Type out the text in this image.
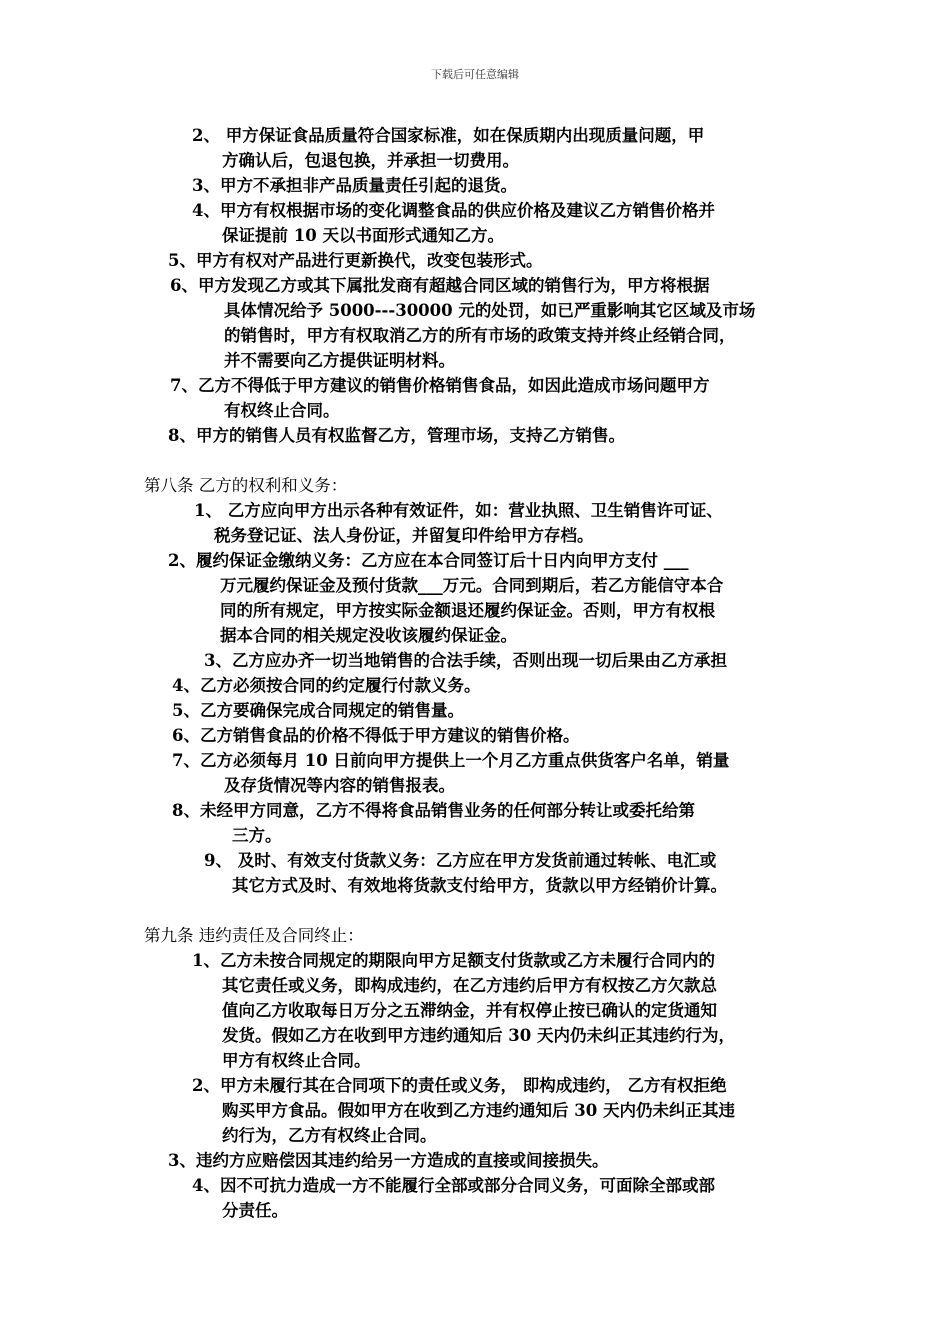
下载后可任意编辑
2、 甲方保证食品质量符合国家标准，如在保质期内出现质量问题，甲
方确认后，包退包换，并承担一切费用。
3、甲方不承担非产品质量责任引起的退货。
4、甲方有权根据市场的变化调整食品的供应价格及建议乙方销售价格并
保证提前 10 天以书面形式通知乙方。
5、甲方有权对产品进行更新换代，改变包装形式。
6、甲方发现乙方或其下属批发商有超越合同区域的销售行为，甲方将根据
具体情况给予 5000---30000 元的处罚，如已严重影响其它区域及市场
的销售时，甲方有权取消乙方的所有市场的政策支持并终止经销合同，
并不需要向乙方提供证明材料。
7、乙方不得低于甲方建议的销售价格销售食品，如因此造成市场问题甲方
有权终止合同。
8、甲方的销售人员有权监督乙方，管理市场，支持乙方销售。
第八条 乙方的权利和义务：
1、 乙方应向甲方出示各种有效证件，如：营业执照、卫生销售许可证、
税务登记证、法人身份证，并留复印件给甲方存档。
2、履约保证金缴纳义务：乙方应在本合同签订后十日内向甲方支付 ___
万元履约保证金及预付货款___万元。合同到期后，若乙方能信守本合
同的所有规定，甲方按实际金额退还履约保证金。否则，甲方有权根
据本合同的相关规定没收该履约保证金。
3、乙方应办齐一切当地销售的合法手续，否则出现一切后果由乙方承担
4、乙方必须按合同的约定履行付款义务。
5、乙方要确保完成合同规定的销售量。
6、乙方销售食品的价格不得低于甲方建议的销售价格。
7、乙方必须每月 10 日前向甲方提供上一个月乙方重点供货客户名单，销量
及存货情况等内容的销售报表。
8、未经甲方同意，乙方不得将食品销售业务的任何部分转让或委托给第
三方。
9、 及时、有效支付货款义务：乙方应在甲方发货前通过转帐、电汇或
其它方式及时、有效地将货款支付给甲方，货款以甲方经销价计算。
第九条 违约责任及合同终止：
1、乙方未按合同规定的期限向甲方足额支付货款或乙方未履行合同内的
其它责任或义务，即构成违约，在乙方违约后甲方有权按乙方欠款总
值向乙方收取每日万分之五滞纳金，并有权停止按已确认的定货通知
发货。假如乙方在收到甲方违约通知后 30 天内仍未纠正其违约行为，
甲方有权终止合同。
2、甲方未履行其在合同项下的责任或义务， 即构成违约， 乙方有权拒绝
购买甲方食品。假如甲方在收到乙方违约通知后 30 天内仍未纠正其违
约行为，乙方有权终止合同。
3、违约方应赔偿因其违约给另一方造成的直接或间接损失。
4、因不可抗力造成一方不能履行全部或部分合同义务，可面除全部或部
分责任。
